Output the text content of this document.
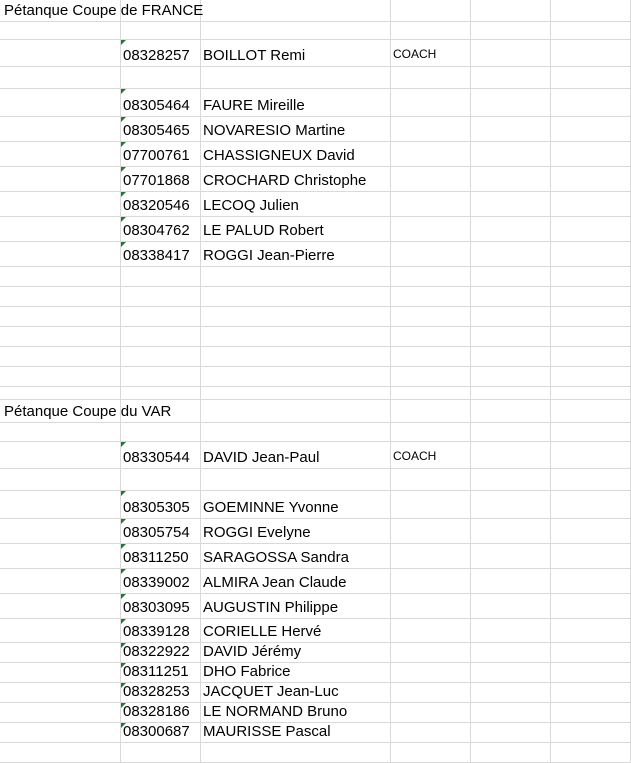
Pétanque Coupe de FRANCE
08328257 BOILLOT Remi	COACH
08305464 FAURE Mireille
08305465 NOVARESIO Martine
07700761 CHASSIGNEUX David
07701868 CROCHARD Christophe
08320546 LECOQ Julien
08304762 LE PALUD Robert
08338417 ROGGI Jean-Pierre
Pétanque Coupe du VAR
08330544 DAVID Jean-Paul	COACH
08305305 GOEMINNE Yvonne
08305754 ROGGI Evelyne
08311250 SARAGOSSA Sandra
08339002 ALMIRA Jean Claude
08303095 AUGUSTIN Philippe
08339128 CORIELLE Hervé
08322922 DAVID Jérémy
08311251 DHO Fabrice
08328253 JACQUET Jean-Luc
08328186 LE NORMAND Bruno
08300687 MAURISSE Pascal
